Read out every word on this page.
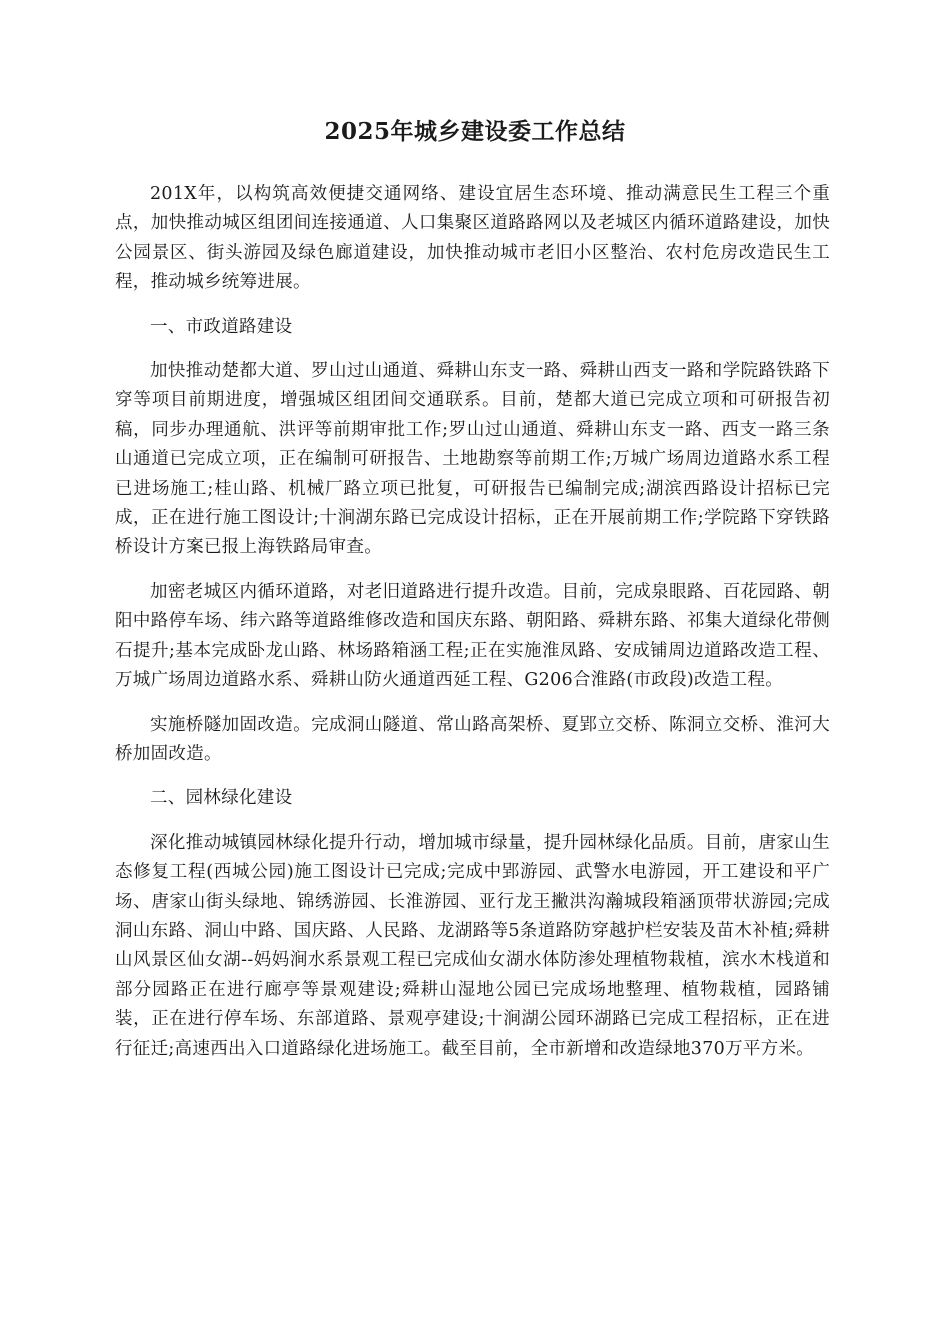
2025年城乡建设委工作总结

201X年，以构筑高效便捷交通网络、建设宜居生态环境、推动满意民生工程三个重点，加快推动城区组团间连接通道、人口集聚区道路路网以及老城区内循环道路建设，加快公园景区、街头游园及绿色廊道建设，加快推动城市老旧小区整治、农村危房改造民生工程，推动城乡统筹进展。

一、市政道路建设

加快推动楚都大道、罗山过山通道、舜耕山东支一路、舜耕山西支一路和学院路铁路下穿等项目前期进度，增强城区组团间交通联系。目前，楚都大道已完成立项和可研报告初稿，同步办理通航、洪评等前期审批工作;罗山过山通道、舜耕山东支一路、西支一路三条山通道已完成立项，正在编制可研报告、土地勘察等前期工作;万城广场周边道路水系工程已进场施工;桂山路、机械厂路立项已批复，可研报告已编制完成;湖滨西路设计招标已完成，正在进行施工图设计;十涧湖东路已完成设计招标，正在开展前期工作;学院路下穿铁路桥设计方案已报上海铁路局审查。

加密老城区内循环道路，对老旧道路进行提升改造。目前，完成泉眼路、百花园路、朝阳中路停车场、纬六路等道路维修改造和国庆东路、朝阳路、舜耕东路、祁集大道绿化带侧石提升;基本完成卧龙山路、林场路箱涵工程;正在实施淮凤路、安成铺周边道路改造工程、万城广场周边道路水系、舜耕山防火通道西延工程、G206合淮路(市政段)改造工程。

实施桥隧加固改造。完成洞山隧道、常山路高架桥、夏郢立交桥、陈洞立交桥、淮河大桥加固改造。

二、园林绿化建设

深化推动城镇园林绿化提升行动，增加城市绿量，提升园林绿化品质。目前，唐家山生态修复工程(西城公园)施工图设计已完成;完成中郢游园、武警水电游园，开工建设和平广场、唐家山街头绿地、锦绣游园、长淮游园、亚行龙王撇洪沟瀚城段箱涵顶带状游园;完成洞山东路、洞山中路、国庆路、人民路、龙湖路等5条道路防穿越护栏安装及苗木补植;舜耕山风景区仙女湖--妈妈涧水系景观工程已完成仙女湖水体防渗处理植物栽植，滨水木栈道和部分园路正在进行廊亭等景观建设;舜耕山湿地公园已完成场地整理、植物栽植，园路铺装，正在进行停车场、东部道路、景观亭建设;十涧湖公园环湖路已完成工程招标，正在进行征迁;高速西出入口道路绿化进场施工。截至目前，全市新增和改造绿地370万平方米。
